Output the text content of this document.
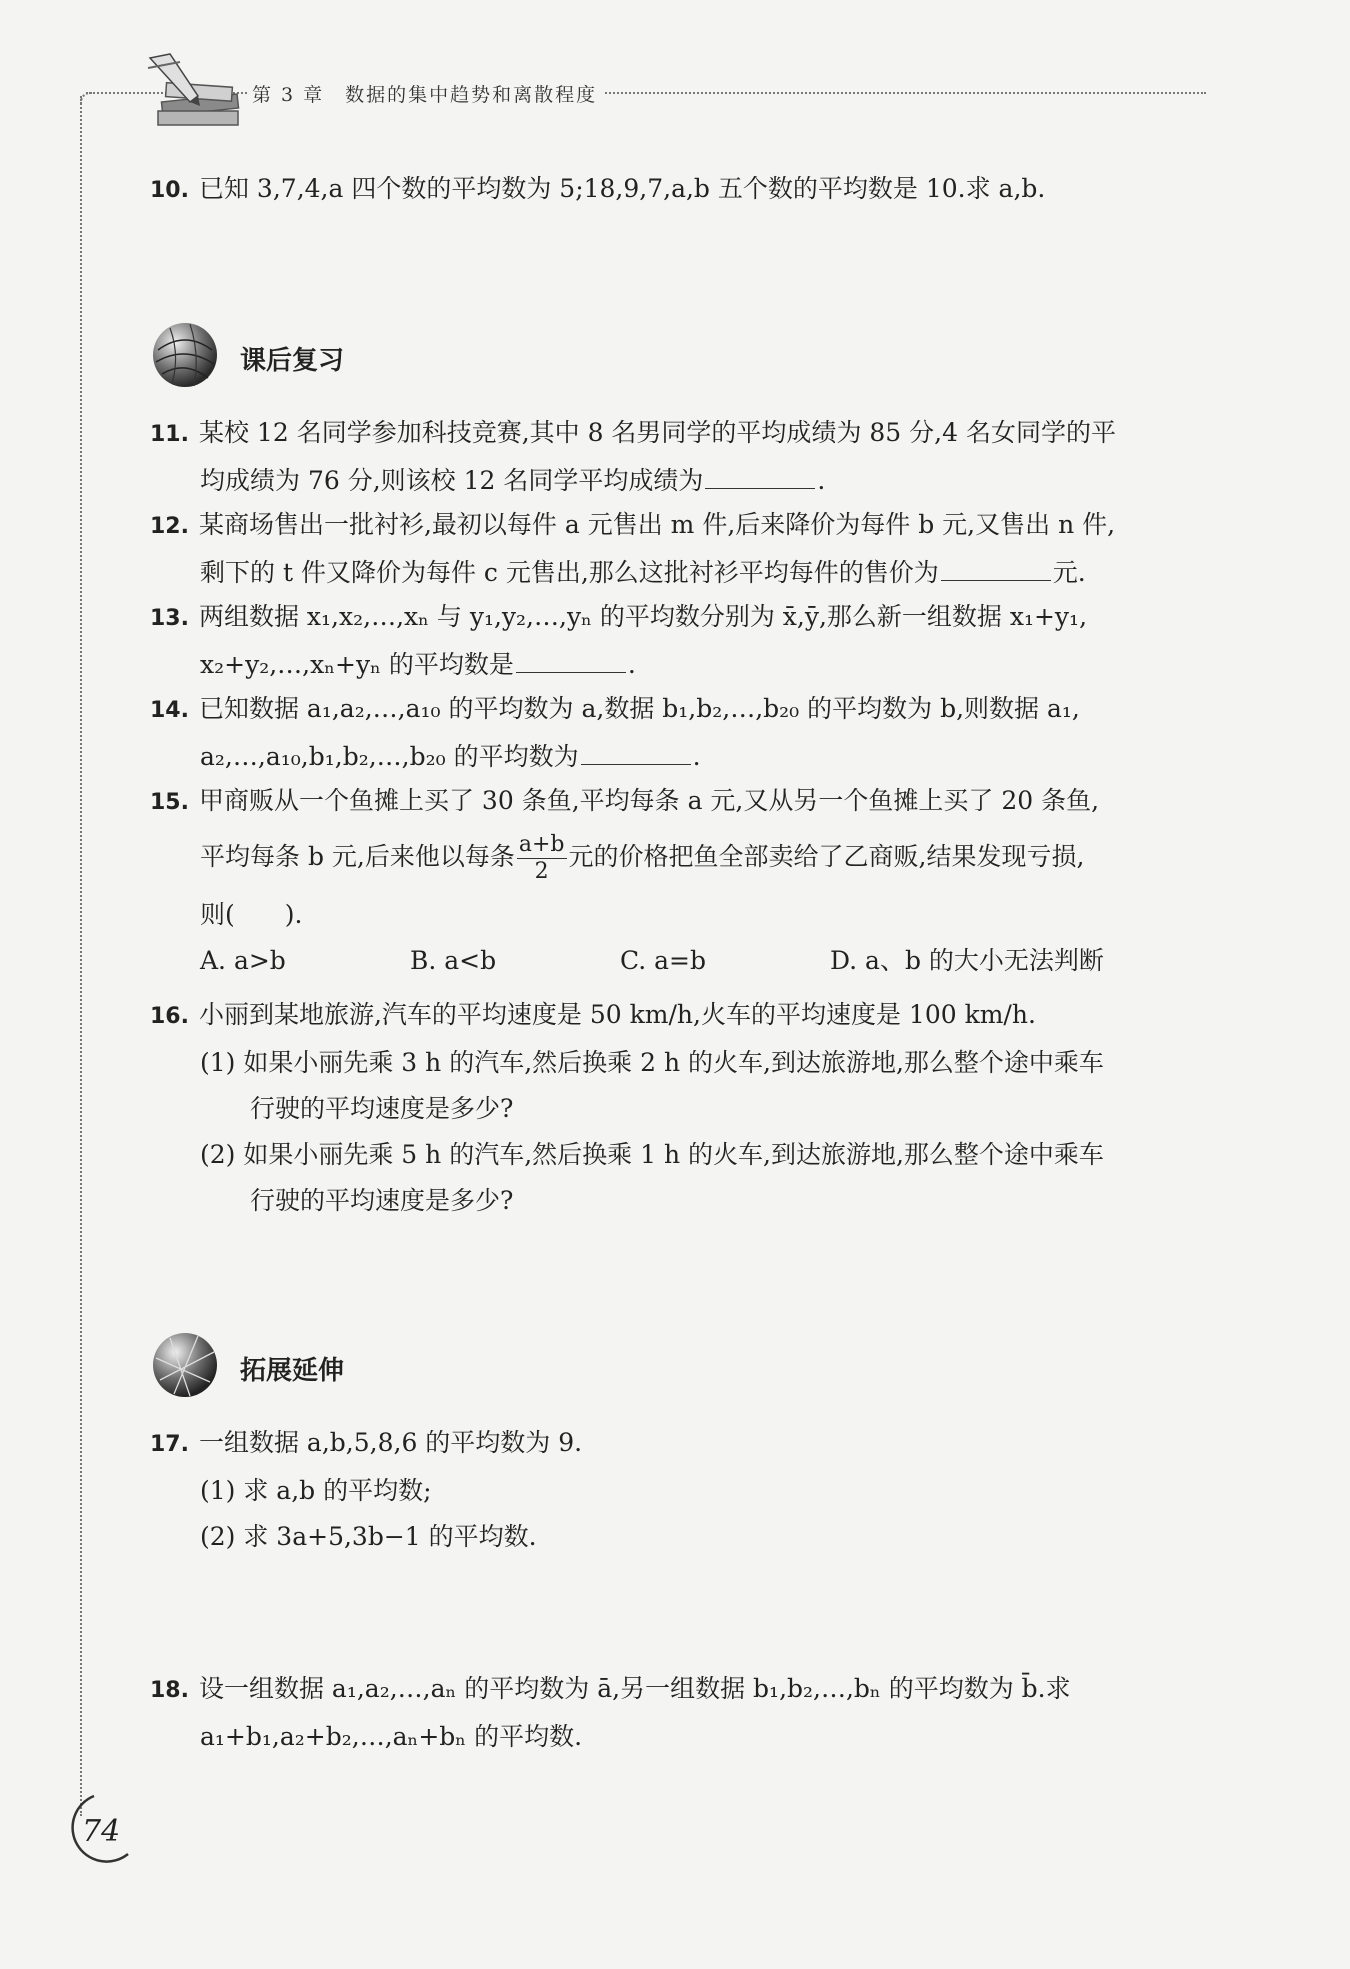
第 3 章　数据的集中趋势和离散程度
10. 已知 3,7,4,a 四个数的平均数为 5;18,9,7,a,b 五个数的平均数是 10.求 a,b.
课后复习
11. 某校 12 名同学参加科技竞赛,其中 8 名男同学的平均成绩为 85 分,4 名女同学的平
均成绩为 76 分,则该校 12 名同学平均成绩为	.
12. 某商场售出一批衬衫,最初以每件 a 元售出 m 件,后来降价为每件 b 元,又售出 n 件,
剩下的 t 件又降价为每件 c 元售出,那么这批衬衫平均每件的售价为	元.
13. 两组数据 x₁,x₂,…,xₙ 与 y₁,y₂,…,yₙ 的平均数分别为 x̄,ȳ,那么新一组数据 x₁+y₁,
x₂+y₂,…,xₙ+yₙ 的平均数是	.
14. 已知数据 a₁,a₂,…,a₁₀ 的平均数为 a,数据 b₁,b₂,…,b₂₀ 的平均数为 b,则数据 a₁,
a₂,…,a₁₀,b₁,b₂,…,b₂₀ 的平均数为	.
15. 甲商贩从一个鱼摊上买了 30 条鱼,平均每条 a 元,又从另一个鱼摊上买了 20 条鱼,
平均每条 b 元,后来他以每条 $\frac{a+b}{2}$ 元的价格把鱼全部卖给了乙商贩,结果发现亏损,
则(　　).
A. a>b	B. a<b	C. a=b	D. a、b 的大小无法判断
16. 小丽到某地旅游,汽车的平均速度是 50 km/h,火车的平均速度是 100 km/h.
(1) 如果小丽先乘 3 h 的汽车,然后换乘 2 h 的火车,到达旅游地,那么整个途中乘车
行驶的平均速度是多少?
(2) 如果小丽先乘 5 h 的汽车,然后换乘 1 h 的火车,到达旅游地,那么整个途中乘车
行驶的平均速度是多少?
拓展延伸
17. 一组数据 a,b,5,8,6 的平均数为 9.
(1) 求 a,b 的平均数;
(2) 求 3a+5,3b−1 的平均数.
18. 设一组数据 a₁,a₂,…,aₙ 的平均数为 ā,另一组数据 b₁,b₂,…,bₙ 的平均数为 b̄.求
a₁+b₁,a₂+b₂,…,aₙ+bₙ 的平均数.
74
